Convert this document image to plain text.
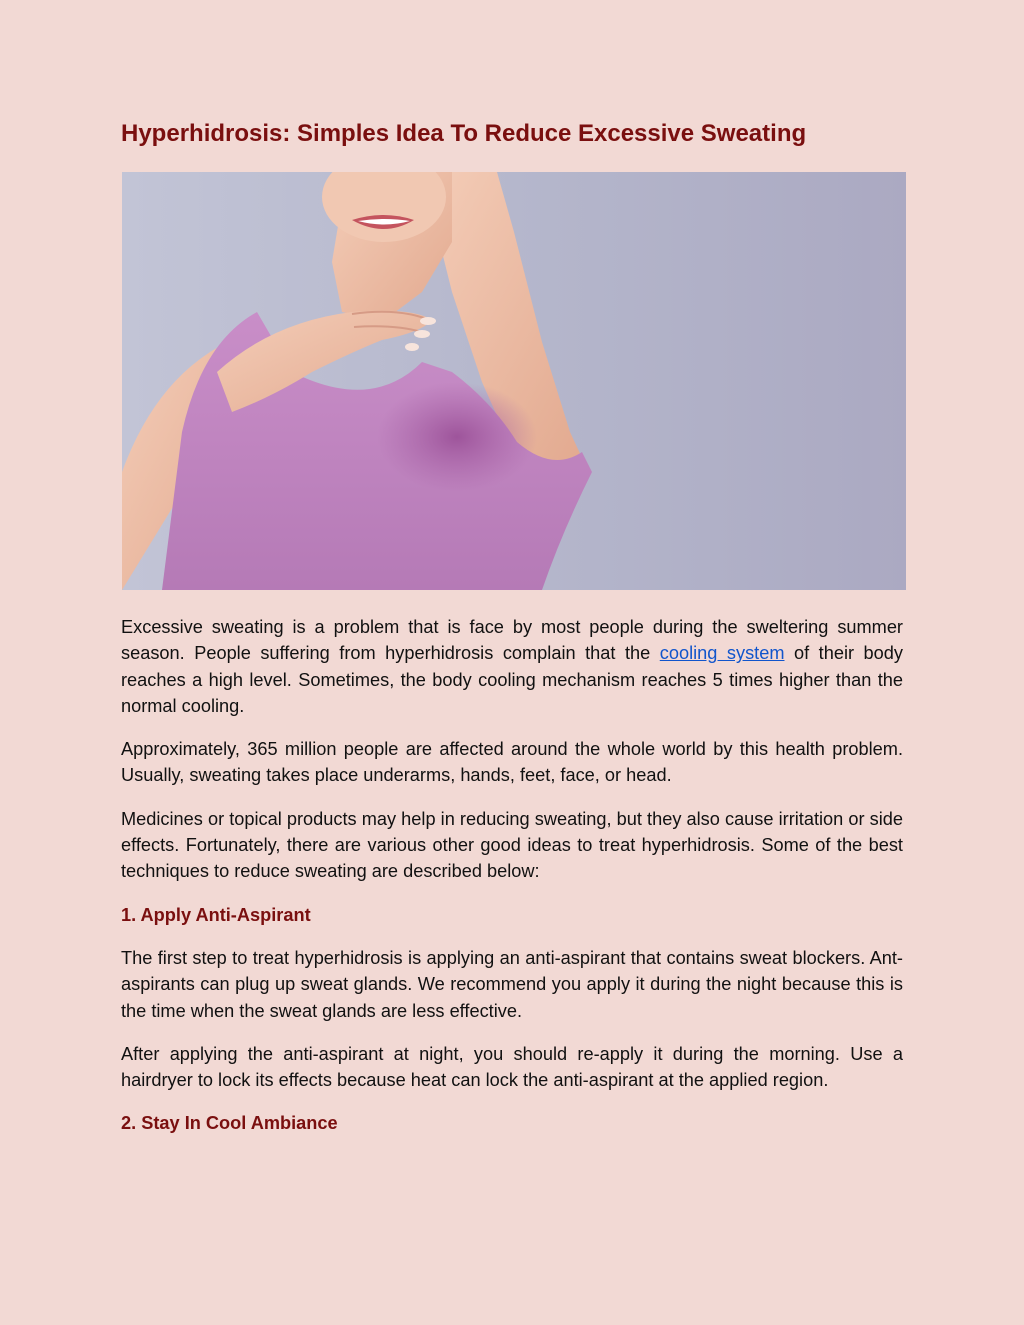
Hyperhidrosis: Simples Idea To Reduce Excessive Sweating

Excessive sweating is a problem that is face by most people during the sweltering summer season. People suffering from hyperhidrosis complain that the cooling system of their body reaches a high level. Sometimes, the body cooling mechanism reaches 5 times higher than the normal cooling.

Approximately, 365 million people are affected around the whole world by this health problem. Usually, sweating takes place underarms, hands, feet, face, or head.

Medicines or topical products may help in reducing sweating, but they also cause irritation or side effects. Fortunately, there are various other good ideas to treat hyperhidrosis. Some of the best techniques to reduce sweating are described below:

1. Apply Anti-Aspirant

The first step to treat hyperhidrosis is applying an anti-aspirant that contains sweat blockers. Ant-aspirants can plug up sweat glands. We recommend you apply it during the night because this is the time when the sweat glands are less effective.

After applying the anti-aspirant at night, you should re-apply it during the morning. Use a hairdryer to lock its effects because heat can lock the anti-aspirant at the applied region.

2. Stay In Cool Ambiance
